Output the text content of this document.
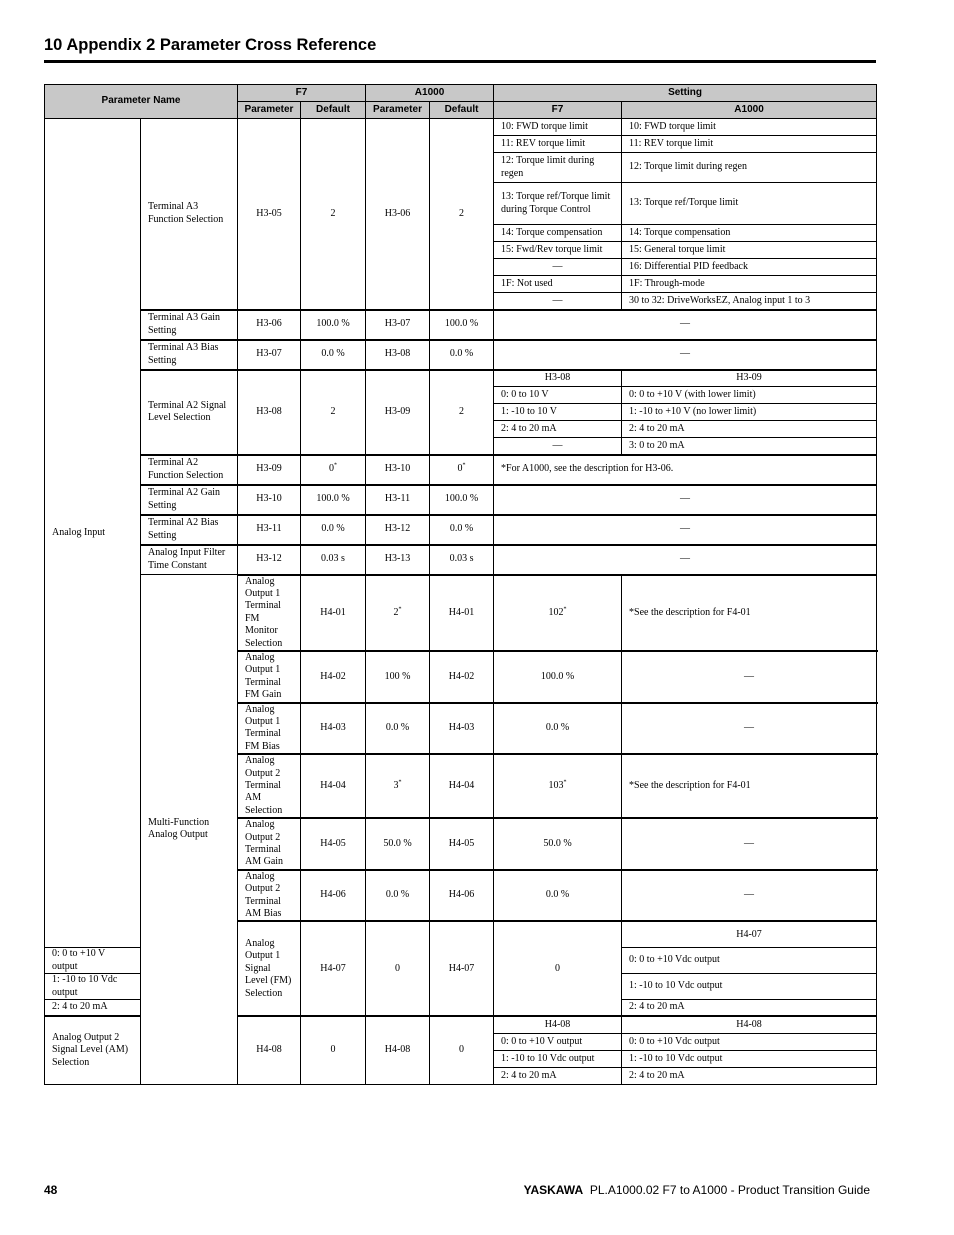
10 Appendix 2 Parameter Cross Reference
Parameter Name		F7		A1000		Setting		
		Parameter	Default	Parameter	Default	F7	A1000	
Analog Input	Terminal A3 Function Selection	H3-05	2	H3-06	2	10: FWD torque limit	10: FWD torque limit	
						11: REV torque limit	11: REV torque limit	
						12: Torque limit during regen	12: Torque limit during regen	
						13: Torque ref/Torque limit during Torque Control	13: Torque ref/Torque limit	
						14: Torque compensation	14: Torque compensation	
						15: Fwd/Rev torque limit	15: General torque limit	
						—	16: Differential PID feedback	
						1F: Not used	1F: Through-mode	
						—	30 to 32: DriveWorksEZ, Analog input 1 to 3	
	Terminal A3 Gain Setting	H3-06	100.0 %	H3-07	100.0 %	—		
	Terminal A3 Bias Setting	H3-07	0.0 %	H3-08	0.0 %	—		
	Terminal A2 Signal Level Selection	H3-08	2	H3-09	2	H3-08	H3-09	
						0: 0 to 10 V	0: 0 to +10 V (with lower limit)	
						1: -10 to 10 V	1: -10 to +10 V (no lower limit)	
						2: 4 to 20 mA	2: 4 to 20 mA	
						—	3: 0 to 20 mA	
	Terminal A2 Function Selection	H3-09	0*	H3-10	0*	*For A1000, see the description for H3-06.		
	Terminal A2 Gain Setting	H3-10	100.0 %	H3-11	100.0 %	—		
	Terminal A2 Bias Setting	H3-11	0.0 %	H3-12	0.0 %	—		
	Analog Input Filter Time Constant	H3-12	0.03 s	H3-13	0.03 s	—		
	Multi-Function Analog Output	Analog Output 1 Terminal FM Monitor Selection	H4-01	2*	H4-01	102*	*See the description for F4-01	
		Analog Output 1 Terminal FM Gain	H4-02	100 %	H4-02	100.0 %	—	
		Analog Output 1 Terminal FM Bias	H4-03	0.0 %	H4-03	0.0 %	—	
		Analog Output 2 Terminal AM Selection	H4-04	3*	H4-04	103*	*See the description for F4-01	
		Analog Output 2 Terminal AM Gain	H4-05	50.0 %	H4-05	50.0 %	—	
		Analog Output 2 Terminal AM Bias	H4-06	0.0 %	H4-06	0.0 %	—	
		Analog Output 1 Signal Level (FM) Selection	H4-07	0	H4-07	0	H4-07	
0: 0 to +10 V output							0: 0 to +10 Vdc output	
1: -10 to 10 Vdc output							1: -10 to 10 Vdc output	
2: 4 to 20 mA							2: 4 to 20 mA	
Analog Output 2 Signal Level (AM) Selection		H4-08	0	H4-08	0	H4-08	H4-08	
						0: 0 to +10 V output	0: 0 to +10 Vdc output	
						1: -10 to 10 Vdc output	1: -10 to 10 Vdc output	
						2: 4 to 20 mA	2: 4 to 20 mA	
48	YASKAWA PL.A1000.02 F7 to A1000 - Product Transition Guide
